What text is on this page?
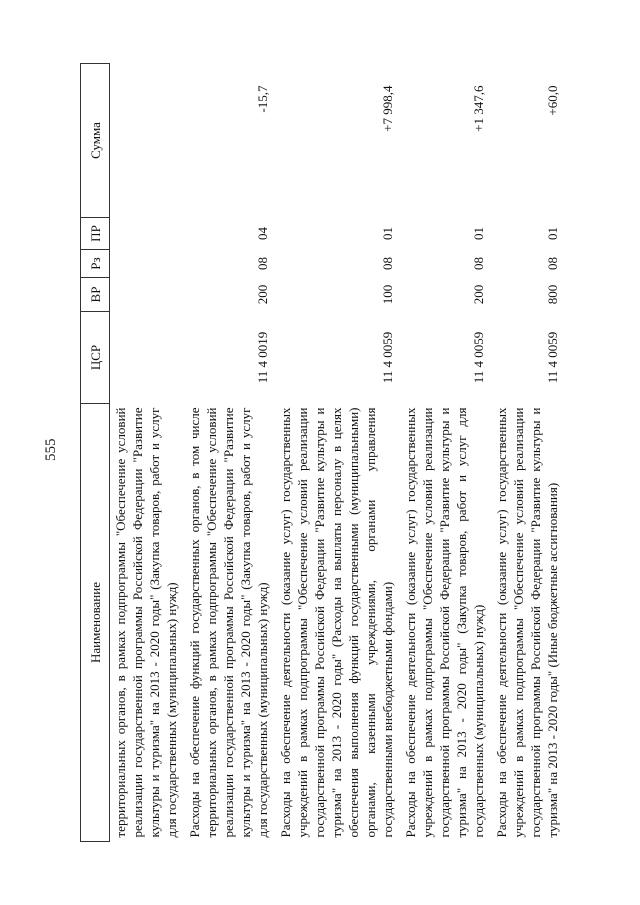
555
Наименование	ЦСР	ВР	Рз	ПР	Сумма
территориальных органов, в рамках подпрограммы "Обеспечение условий реализации государственной программы Российской Федерации "Развитие культуры и туризма" на 2013 - 2020 годы" (Закупка товаров, работ и услуг для государственных (муниципальных) нужд)					
Расходы на обеспечение функций государственных органов, в том числе территориальных органов, в рамках подпрограммы "Обеспечение условий реализации государственной программы Российской Федерации "Развитие культуры и туризма" на 2013 - 2020 годы" (Закупка товаров, работ и услуг для государственных (муниципальных) нужд)	11 4 0019	200	08	04	-15,7
Расходы на обеспечение деятельности (оказание услуг) государственных учреждений в рамках подпрограммы "Обеспечение условий реализации государственной программы Российской Федерации "Развитие культуры и туризма" на 2013 - 2020 годы" (Расходы на выплаты персоналу в целях обеспечения выполнения функций государственными (муниципальными) органами, казенными учреждениями, органами управления государственными внебюджетными фондами)	11 4 0059	100	08	01	+7 998,4
Расходы на обеспечение деятельности (оказание услуг) государственных учреждений в рамках подпрограммы "Обеспечение условий реализации государственной программы Российской Федерации "Развитие культуры и туризма" на 2013 - 2020 годы" (Закупка товаров, работ и услуг для государственных (муниципальных) нужд)	11 4 0059	200	08	01	+1 347,6
Расходы на обеспечение деятельности (оказание услуг) государственных учреждений в рамках подпрограммы "Обеспечение условий реализации государственной программы Российской Федерации "Развитие культуры и туризма" на 2013 - 2020 годы" (Иные бюджетные ассигнования)	11 4 0059	800	08	01	+60,0
